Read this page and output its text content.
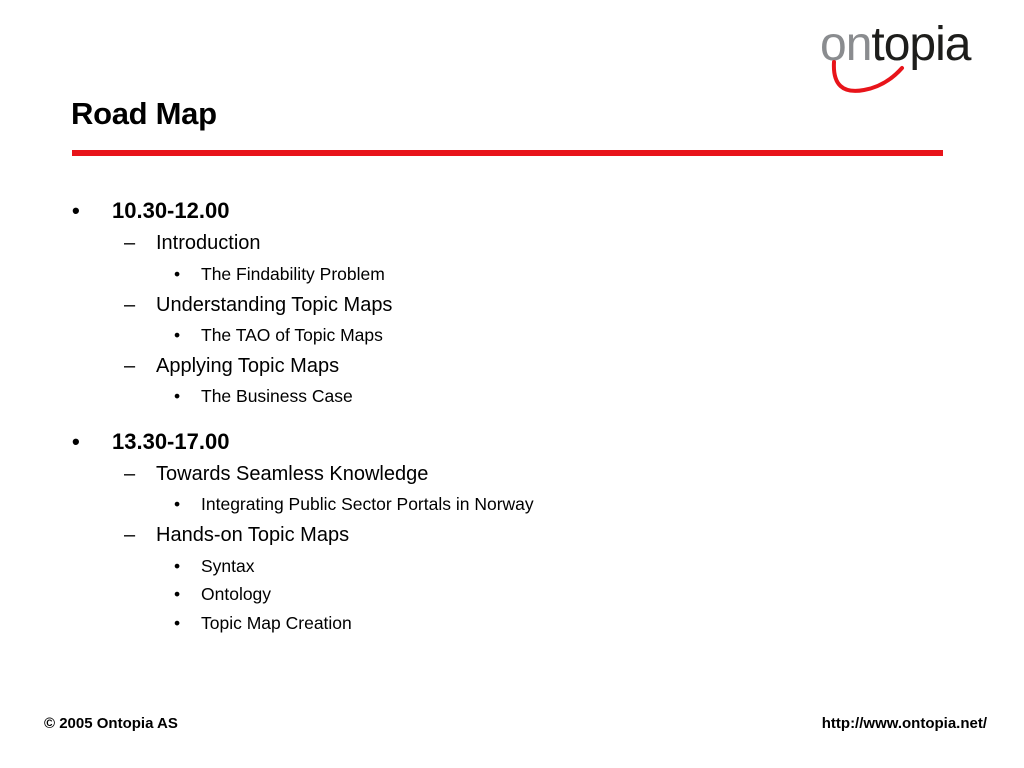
ontopia
Road Map
• 10.30-12.00
– Introduction
• The Findability Problem
– Understanding Topic Maps
• The TAO of Topic Maps
– Applying Topic Maps
• The Business Case
• 13.30-17.00
– Towards Seamless Knowledge
• Integrating Public Sector Portals in Norway
– Hands-on Topic Maps
• Syntax
• Ontology
• Topic Map Creation
© 2005 Ontopia AS	http://www.ontopia.net/
